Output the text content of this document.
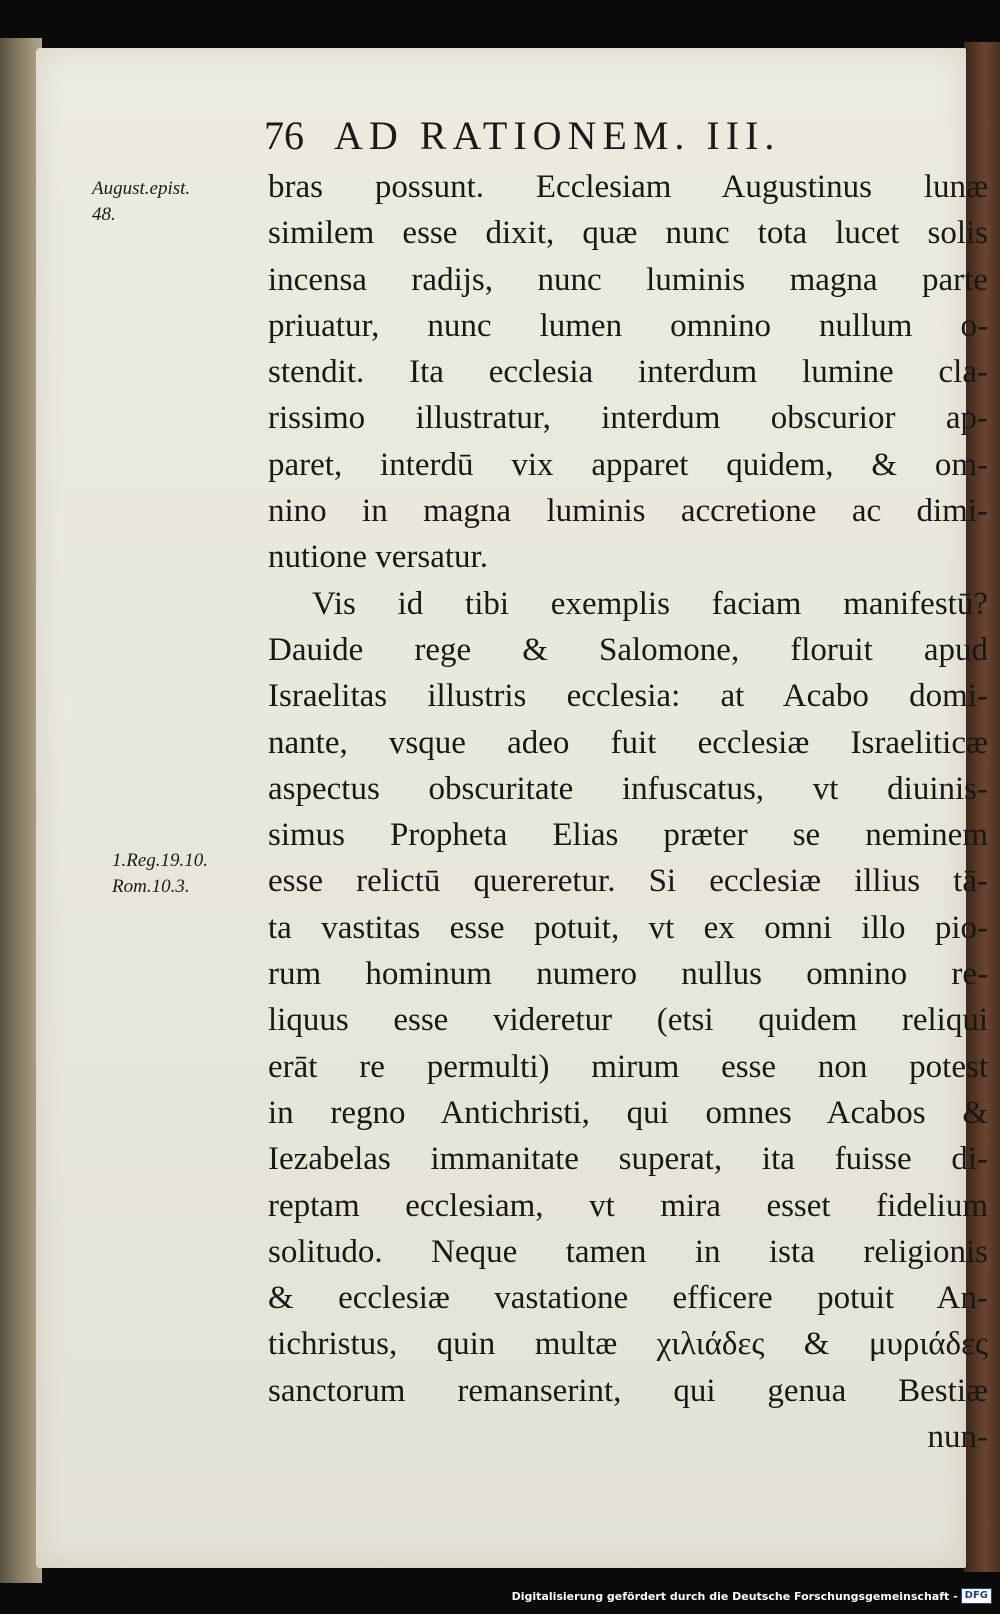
76 AD RATIONEM. III.
August.epist.
48.
1.Reg.19.10.
Rom.10.3.
bras possunt. Ecclesiam Augustinus lunæ
similem esse dixit, quæ nunc tota lucet solis
incensa radijs, nunc luminis magna parte
priuatur, nunc lumen omnino nullum o-
stendit. Ita ecclesia interdum lumine cla-
rissimo illustratur, interdum obscurior ap-
paret, interdū vix apparet quidem, & om-
nino in magna luminis accretione ac dimi-
nutione versatur.
Vis id tibi exemplis faciam manifestū?
Dauide rege & Salomone, floruit apud
Israelitas illustris ecclesia: at Acabo domi-
nante, vsque adeo fuit ecclesiæ Israeliticæ
aspectus obscuritate infuscatus, vt diuinis-
simus Propheta Elias præter se neminem
esse relictū quereretur. Si ecclesiæ illius tā-
ta vastitas esse potuit, vt ex omni illo pio-
rum hominum numero nullus omnino re-
liquus esse videretur (etsi quidem reliqui
erāt re permulti) mirum esse non potest
in regno Antichristi, qui omnes Acabos &
Iezabelas immanitate superat, ita fuisse di-
reptam ecclesiam, vt mira esset fidelium
solitudo. Neque tamen in ista religionis
& ecclesiæ vastatione efficere potuit An-
tichristus, quin multæ χιλιάδες & μυριάδες
sanctorum remanserint, qui genua Bestiæ
nun-
Digitalisierung gefördert durch die Deutsche Forschungsgemeinschaft - DFG
